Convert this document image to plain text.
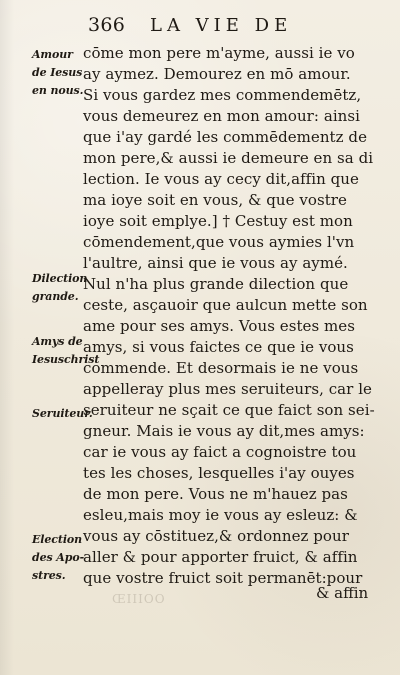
366 LA VIE DE
Amour
de Iesus
en nous.
Dilection
grande.
Amys de
Iesuschrist
Seruiteur.
Election
des Apo-
stres.
cōme mon pere m'ayme, aussi ie vo
ay aymez. Demourez en mō amour.
Si vous gardez mes commendemētz,
vous demeurez en mon amour: ainsi
que i'ay gardé les commēdementz de
mon pere,& aussi ie demeure en sa di
lection. Ie vous ay cecy dit,affin que
ma ioye soit en vous, & que vostre
ioye soit emplye.] † Cestuy est mon
cōmendement,que vous aymies l'vn
l'aultre, ainsi que ie vous ay aymé.
Nul n'ha plus grande dilection que
ceste, asçauoir que aulcun mette son
ame pour ses amys. Vous estes mes
amys, si vous faictes ce que ie vous
commende. Et desormais ie ne vous
appelleray plus mes seruiteurs, car le
seruiteur ne sçait ce que faict son sei-
gneur. Mais ie vous ay dit,mes amys:
car ie vous ay faict a cognoistre tou
tes les choses, lesquelles i'ay ouyes
de mon pere. Vous ne m'hauez pas
esleu,mais moy ie vous ay esleuz: &
vous ay cōstituez,& ordonnez pour
aller & pour apporter fruict, & affin
que vostre fruict soit permanēt:pour
ŒIIIOO	& affin
